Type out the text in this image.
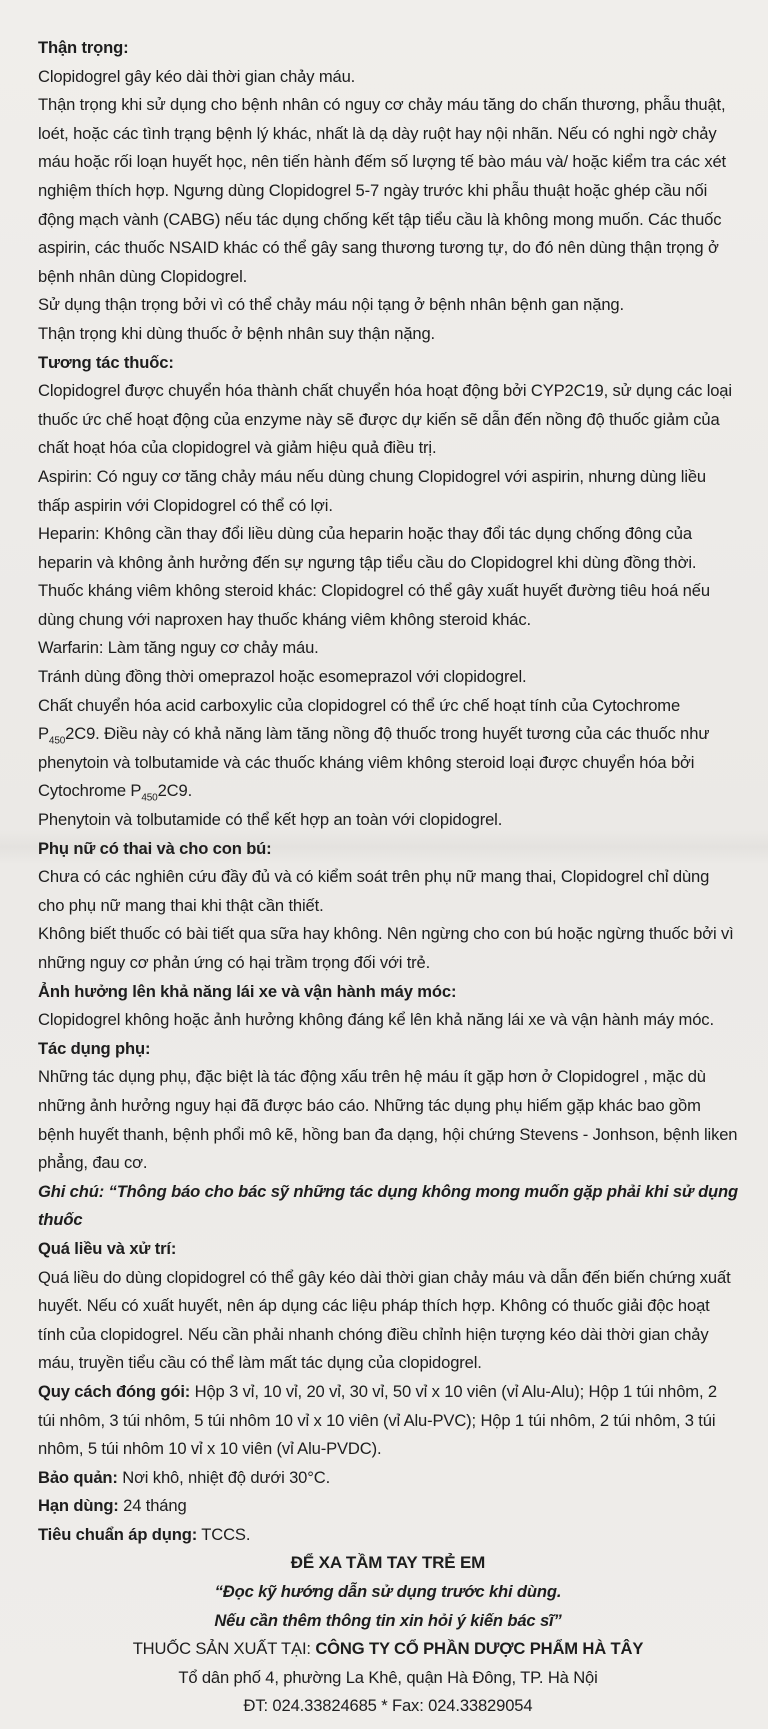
Thận trọng:

Clopidogrel gây kéo dài thời gian chảy máu.

Thận trọng khi sử dụng cho bệnh nhân có nguy cơ chảy máu tăng do chấn thương, phẫu thuật, loét, hoặc các tình trạng bệnh lý khác, nhất là dạ dày ruột hay nội nhãn. Nếu có nghi ngờ chảy máu hoặc rối loạn huyết học, nên tiến hành đếm số lượng tế bào máu và/ hoặc kiểm tra các xét nghiệm thích hợp. Ngưng dùng Clopidogrel 5-7 ngày trước khi phẫu thuật hoặc ghép cầu nối động mạch vành (CABG) nếu tác dụng chống kết tập tiểu cầu là không mong muốn. Các thuốc aspirin, các thuốc NSAID khác có thể gây sang thương tương tự, do đó nên dùng thận trọng ở bệnh nhân dùng Clopidogrel.

Sử dụng thận trọng bởi vì có thể chảy máu nội tạng ở bệnh nhân bệnh gan nặng.

Thận trọng khi dùng thuốc ở bệnh nhân suy thận nặng.

Tương tác thuốc:

Clopidogrel được chuyển hóa thành chất chuyển hóa hoạt động bởi CYP2C19, sử dụng các loại thuốc ức chế hoạt động của enzyme này sẽ được dự kiến sẽ dẫn đến nồng độ thuốc giảm của chất hoạt hóa của clopidogrel và giảm hiệu quả điều trị.

Aspirin: Có nguy cơ tăng chảy máu nếu dùng chung Clopidogrel với aspirin, nhưng dùng liều thấp aspirin với Clopidogrel có thể có lợi.

Heparin: Không cần thay đổi liều dùng của heparin hoặc thay đổi tác dụng chống đông của heparin và không ảnh hưởng đến sự ngưng tập tiểu cầu do Clopidogrel khi dùng đồng thời.

Thuốc kháng viêm không steroid khác: Clopidogrel có thể gây xuất huyết đường tiêu hoá nếu dùng chung với naproxen hay thuốc kháng viêm không steroid khác.

Warfarin: Làm tăng nguy cơ chảy máu.

Tránh dùng đồng thời omeprazol hoặc esomeprazol với clopidogrel.

Chất chuyển hóa acid carboxylic của clopidogrel có thể ức chế hoạt tính của Cytochrome $P_{450}2C9$. Điều này có khả năng làm tăng nồng độ thuốc trong huyết tương của các thuốc như phenytoin và tolbutamide và các thuốc kháng viêm không steroid loại được chuyển hóa bởi Cytochrome $P_{450}2C9$.

Phenytoin và tolbutamide có thể kết hợp an toàn với clopidogrel.

Phụ nữ có thai và cho con bú:

Chưa có các nghiên cứu đầy đủ và có kiểm soát trên phụ nữ mang thai, Clopidogrel chỉ dùng cho phụ nữ mang thai khi thật cần thiết.

Không biết thuốc có bài tiết qua sữa hay không. Nên ngừng cho con bú hoặc ngừng thuốc bởi vì những nguy cơ phản ứng có hại trầm trọng đối với trẻ.

Ảnh hưởng lên khả năng lái xe và vận hành máy móc:

Clopidogrel không hoặc ảnh hưởng không đáng kể lên khả năng lái xe và vận hành máy móc.

Tác dụng phụ:

Những tác dụng phụ, đặc biệt là tác động xấu trên hệ máu ít gặp hơn ở Clopidogrel , mặc dù những ảnh hưởng nguy hại đã được báo cáo. Những tác dụng phụ hiếm gặp khác bao gồm bệnh huyết thanh, bệnh phổi mô kẽ, hồng ban đa dạng, hội chứng Stevens - Jonhson, bệnh liken phẳng, đau cơ.

Ghi chú: “Thông báo cho bác sỹ những tác dụng không mong muốn gặp phải khi sử dụng thuốc

Quá liều và xử trí:

Quá liều do dùng clopidogrel có thể gây kéo dài thời gian chảy máu và dẫn đến biến chứng xuất huyết. Nếu có xuất huyết, nên áp dụng các liệu pháp thích hợp. Không có thuốc giải độc hoạt tính của clopidogrel. Nếu cần phải nhanh chóng điều chỉnh hiện tượng kéo dài thời gian chảy máu, truyền tiểu cầu có thể làm mất tác dụng của clopidogrel.

Quy cách đóng gói: Hộp 3 vỉ, 10 vỉ, 20 vỉ, 30 vỉ, 50 vỉ x 10 viên (vỉ Alu-Alu); Hộp 1 túi nhôm, 2 túi nhôm, 3 túi nhôm, 5 túi nhôm 10 vỉ x 10 viên (vỉ Alu-PVC); Hộp 1 túi nhôm, 2 túi nhôm, 3 túi nhôm, 5 túi nhôm 10 vỉ x 10 viên (vỉ Alu-PVDC).

Bảo quản: Nơi khô, nhiệt độ dưới 30°C.

Hạn dùng: 24 tháng

Tiêu chuẩn áp dụng: TCCS.

ĐỂ XA TẦM TAY TRẺ EM

“Đọc kỹ hướng dẫn sử dụng trước khi dùng.

Nếu cần thêm thông tin xin hỏi ý kiến bác sĩ”

THUỐC SẢN XUẤT TẠI: CÔNG TY CỔ PHẦN DƯỢC PHẨM HÀ TÂY

Tổ dân phố 4, phường La Khê, quận Hà Đông, TP. Hà Nội

ĐT: 024.33824685 * Fax: 024.33829054
